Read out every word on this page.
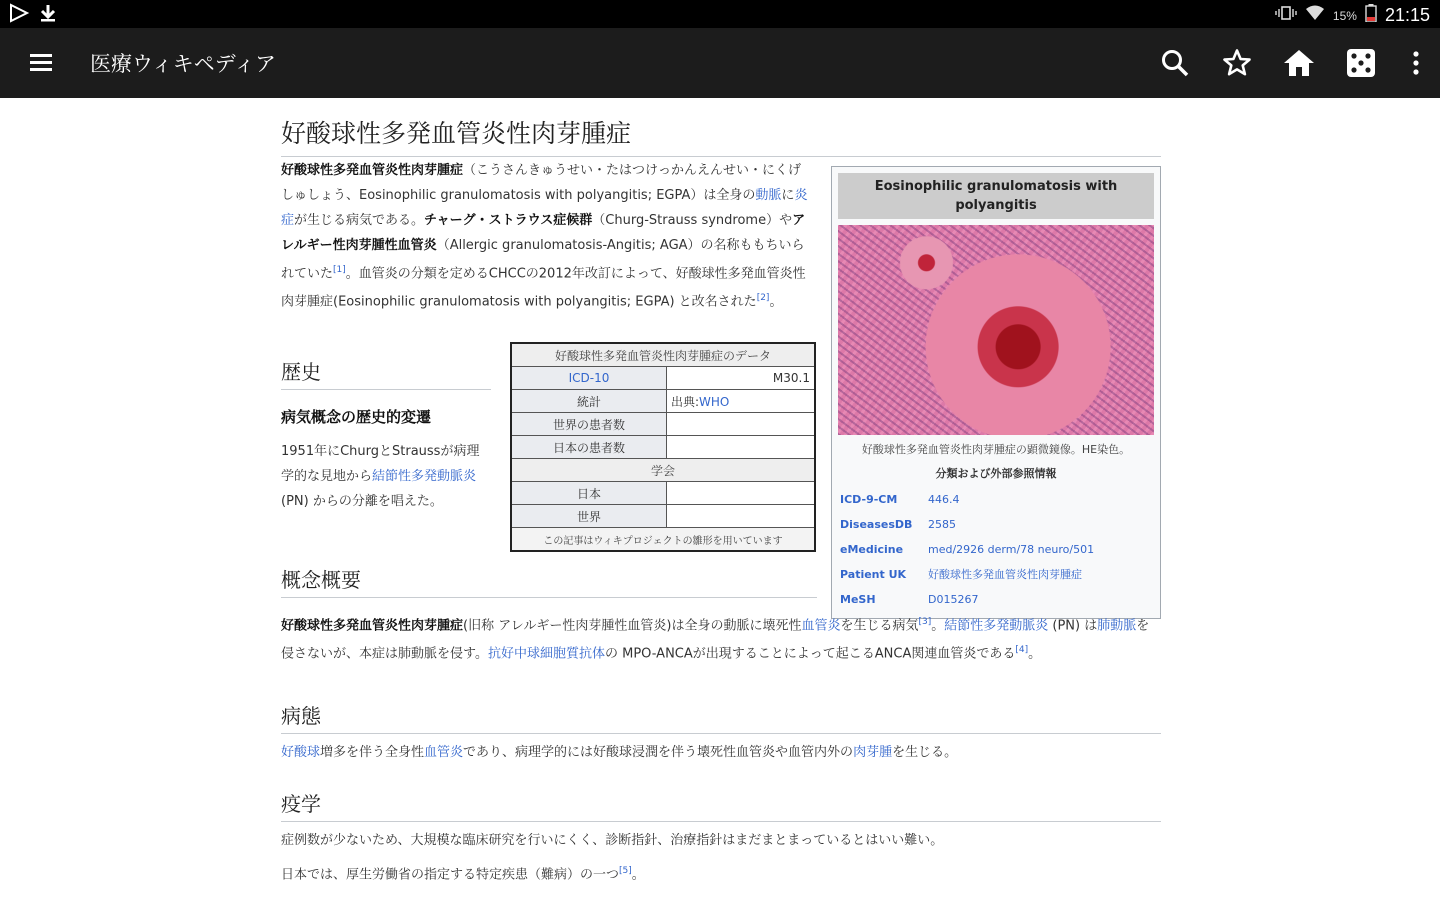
15% 21:15
医療ウィキペディア
好酸球性多発血管炎性肉芽腫症

好酸球性多発血管炎性肉芽腫症（こうさんきゅうせい・たはつけっかんえんせい・にくげしゅしょう、Eosinophilic granulomatosis with polyangitis; EGPA）は全身の動脈に炎症が生じる病気である。チャーグ・ストラウス症候群（Churg-Strauss syndrome）やアレルギー性肉芽腫性血管炎（Allergic granulomatosis-Angitis; AGA）の名称ももちいられていた[1]。血管炎の分類を定めるCHCCの2012年改訂によって、好酸球性多発血管炎性肉芽腫症(Eosinophilic granulomatosis with polyangitis; EGPA) と改名された[2]。

歴史
病気概念の歴史的変遷

1951年にChurgとStraussが病理学的な見地から結節性多発動脈炎 (PN) からの分離を唱えた。

好酸球性多発血管炎性肉芽腫症のデータ	
ICD-10	M30.1
統計	出典:WHO
世界の患者数	
日本の患者数	
学会	
日本	
世界	
この記事はウィキプロジェクトの雛形を用いています	
Eosinophilic granulomatosis with polyangitis
好酸球性多発血管炎性肉芽腫症の顕微鏡像。HE染色。
分類および外部参照情報
ICD-9-CM	446.4
DiseasesDB	2585
eMedicine	med/2926 derm/78 neuro/501
Patient UK	好酸球性多発血管炎性肉芽腫症
MeSH	D015267
概念概要

好酸球性多発血管炎性肉芽腫症(旧称 アレルギー性肉芽腫性血管炎)は全身の動脈に壊死性血管炎を生じる病気[3]。結節性多発動脈炎 (PN) は肺動脈を侵さないが、本症は肺動脈を侵す。抗好中球細胞質抗体の MPO-ANCAが出現することによって起こるANCA関連血管炎である[4]。

病態

好酸球増多を伴う全身性血管炎であり、病理学的には好酸球浸潤を伴う壊死性血管炎や血管内外の肉芽腫を生じる。

疫学

症例数が少ないため、大規模な臨床研究を行いにくく、診断指針、治療指針はまだまとまっているとはいい難い。

日本では、厚生労働省の指定する特定疾患（難病）の一つ[5]。
